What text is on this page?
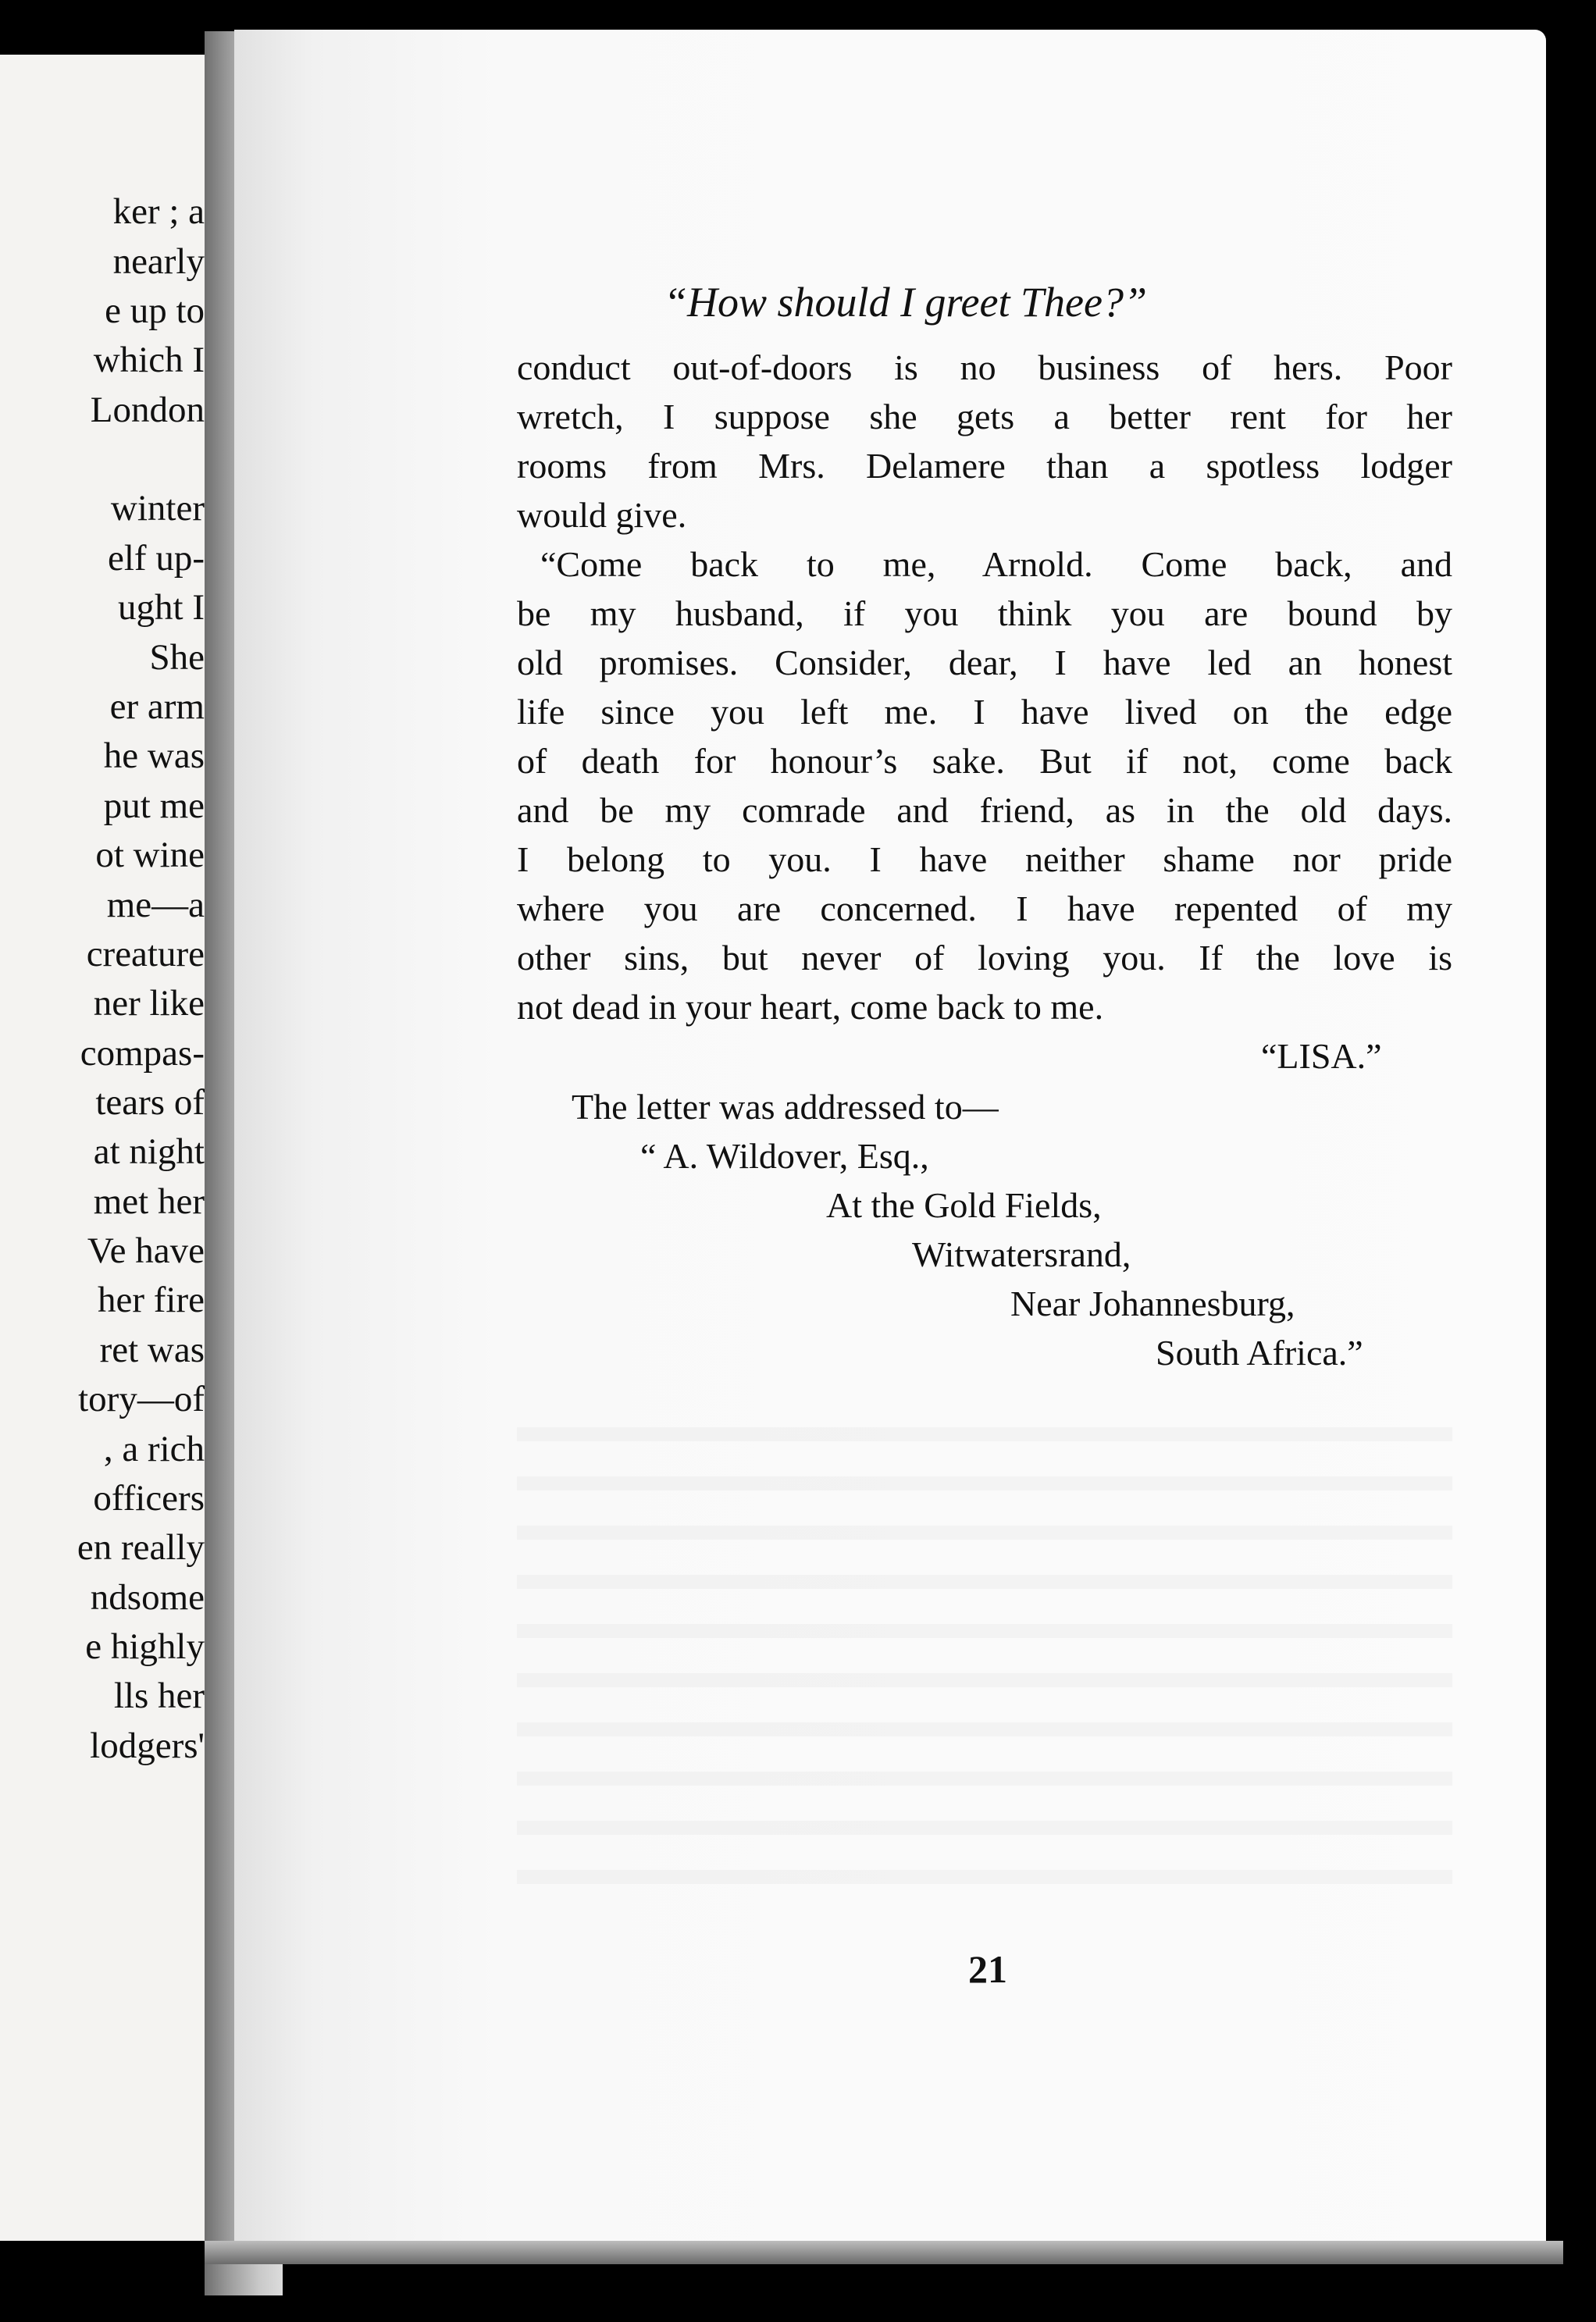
ker ; a
nearly
e up to
which I
London
winter
elf up-
ught I
She
er arm
he was
put me
ot wine
me—a
creature
ner like
compas-
tears of
at night
met her
Ve have
her fire
ret was
tory—of
, a rich
officers
en really
ndsome
e highly
lls her
lodgers'
“How should I greet Thee?”
conduct out-of-doors is no business of hers. Poor
wretch, I suppose she gets a better rent for her
rooms from Mrs. Delamere than a spotless lodger
would give.
“Come back to me, Arnold. Come back, and
be my husband, if you think you are bound by
old promises. Consider, dear, I have led an honest
life since you left me. I have lived on the edge
of death for honour’s sake. But if not, come back
and be my comrade and friend, as in the old days.
I belong to you. I have neither shame nor pride
where you are concerned. I have repented of my
other sins, but never of loving you. If the love is
not dead in your heart, come back to me.
“LISA.”
The letter was addressed to—
“ A. Wildover, Esq.,
At the Gold Fields,
Witwatersrand,
Near Johannesburg,
South Africa.”
21
